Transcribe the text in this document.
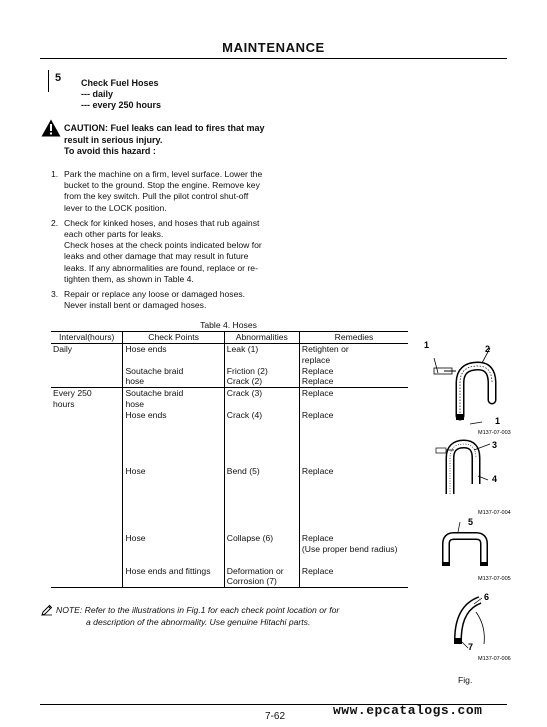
MAINTENANCE
5 Check Fuel Hoses
--- daily
--- every 250 hours
CAUTION: Fuel leaks can lead to fires that may
result in serious injury.
To avoid this hazard :
1. Park the machine on a firm, level surface. Lower the
bucket to the ground. Stop the engine. Remove key
from the key switch. Pull the pilot control shut-off
lever to the LOCK position.
2. Check for kinked hoses, and hoses that rub against
each other parts for leaks.
Check hoses at the check points indicated below for
leaks and other damage that may result in future
leaks. If any abnormalities are found, replace or re-
tighten them, as shown in Table 4.
3. Repair or replace any loose or damaged hoses.
Never install bent or damaged hoses.
Table 4. Hoses
Interval(hours)	Check Points	Abnormalities	Remedies
Daily	Hose ends	Leak (1)	Retighten or
			replace
	Soutache braid	Friction (2)	Replace
	hose	Crack (2)	Replace
Every 250	Soutache braid	Crack (3)	Replace
hours	hose		
	Hose ends	Crack (4)	Replace
	Hose	Bend (5)	Replace
	Hose	Collapse (6)	Replace
			(Use proper bend radius)
	Hose ends and fittings	Deformation or	Replace
		Corrosion (7)	
NOTE: Refer to the illustrations in Fig.1 for each check point location or for
a description of the abnormality. Use genuine Hitachi parts.
1	2
1
M137-07-003
3
4
M137-07-004
5
M137-07-005
6
7
M137-07-006
Fig.
7-62	www.epcatalogs.com
